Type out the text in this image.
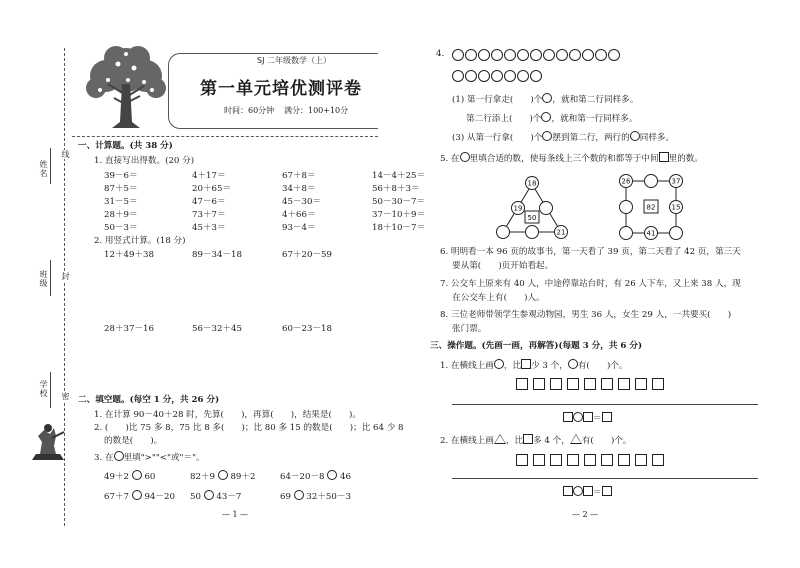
SJ 二年级数学（上）
第一单元培优测评卷
时间：60分钟 满分：100+10分
姓名
线
班级 封
学校 密
一、计算题。(共 38 分)
1. 直接写出得数。(20 分)
39－6＝	4＋17＝	67＋8＝	14－4＋25＝
87＋5＝	20＋65＝	34＋8＝	56＋8＋3＝
31－5＝	47－6＝	45－30＝	50－30－7＝
28＋9＝	73＋7＝	4＋66＝	37－10＋9＝
50－3＝	45＋3＝	93－4＝	18＋10－7＝
2. 用竖式计算。(18 分)
12＋49＋38	89－34－18	67＋20－59
28＋37－16	56－32＋45	60－23－18
二、填空题。(每空 1 分，共 26 分)
1. 在计算 90－40＋28 时，先算(　　)，再算(　　)，结果是(　　)。
2. (　　)比 75 多 8，75 比 8 多(　　)；比 80 多 15 的数是(　　)；比 64 少 8
的数是(　　)。
3. 在 里填">""<"或"＝"。
49＋2 60	82＋9 89＋2	64－20－8 46
67＋7 94－20 50 43－7	69 32＋50－3
— 1 —
4.
(1) 第一行拿走(　　)个 ，就和第二行同样多。
第二行添上(　　)个 ，就和第一行同样多。
(3) 从第一行拿(　　)个 摆到第二行，两行的 同样多。
5. 在 里填合适的数，使每条线上三个数的和都等于中间 里的数。
18
19
50
21
26	37
82 15
41
6. 明明看一本 96 页的故事书，第一天看了 39 页，第二天看了 42 页，第三天
要从第(　　)页开始看起。
7. 公交车上原来有 40 人，中途停靠站台时，有 26 人下车，又上来 38 人，现
在公交车上有(　　)人。
8. 三位老师带领学生参观动物园，男生 36 人，女生 29 人，一共要买(　　)
张门票。
三、操作题。(先画一画，再解答)(每题 3 分，共 6 分)
1. 在横线上画 ，比 少 3 个， 有(　　)个。
＝
2. 在横线上画 ，比 多 4 个， 有(　　)个。
＝
— 2 —
